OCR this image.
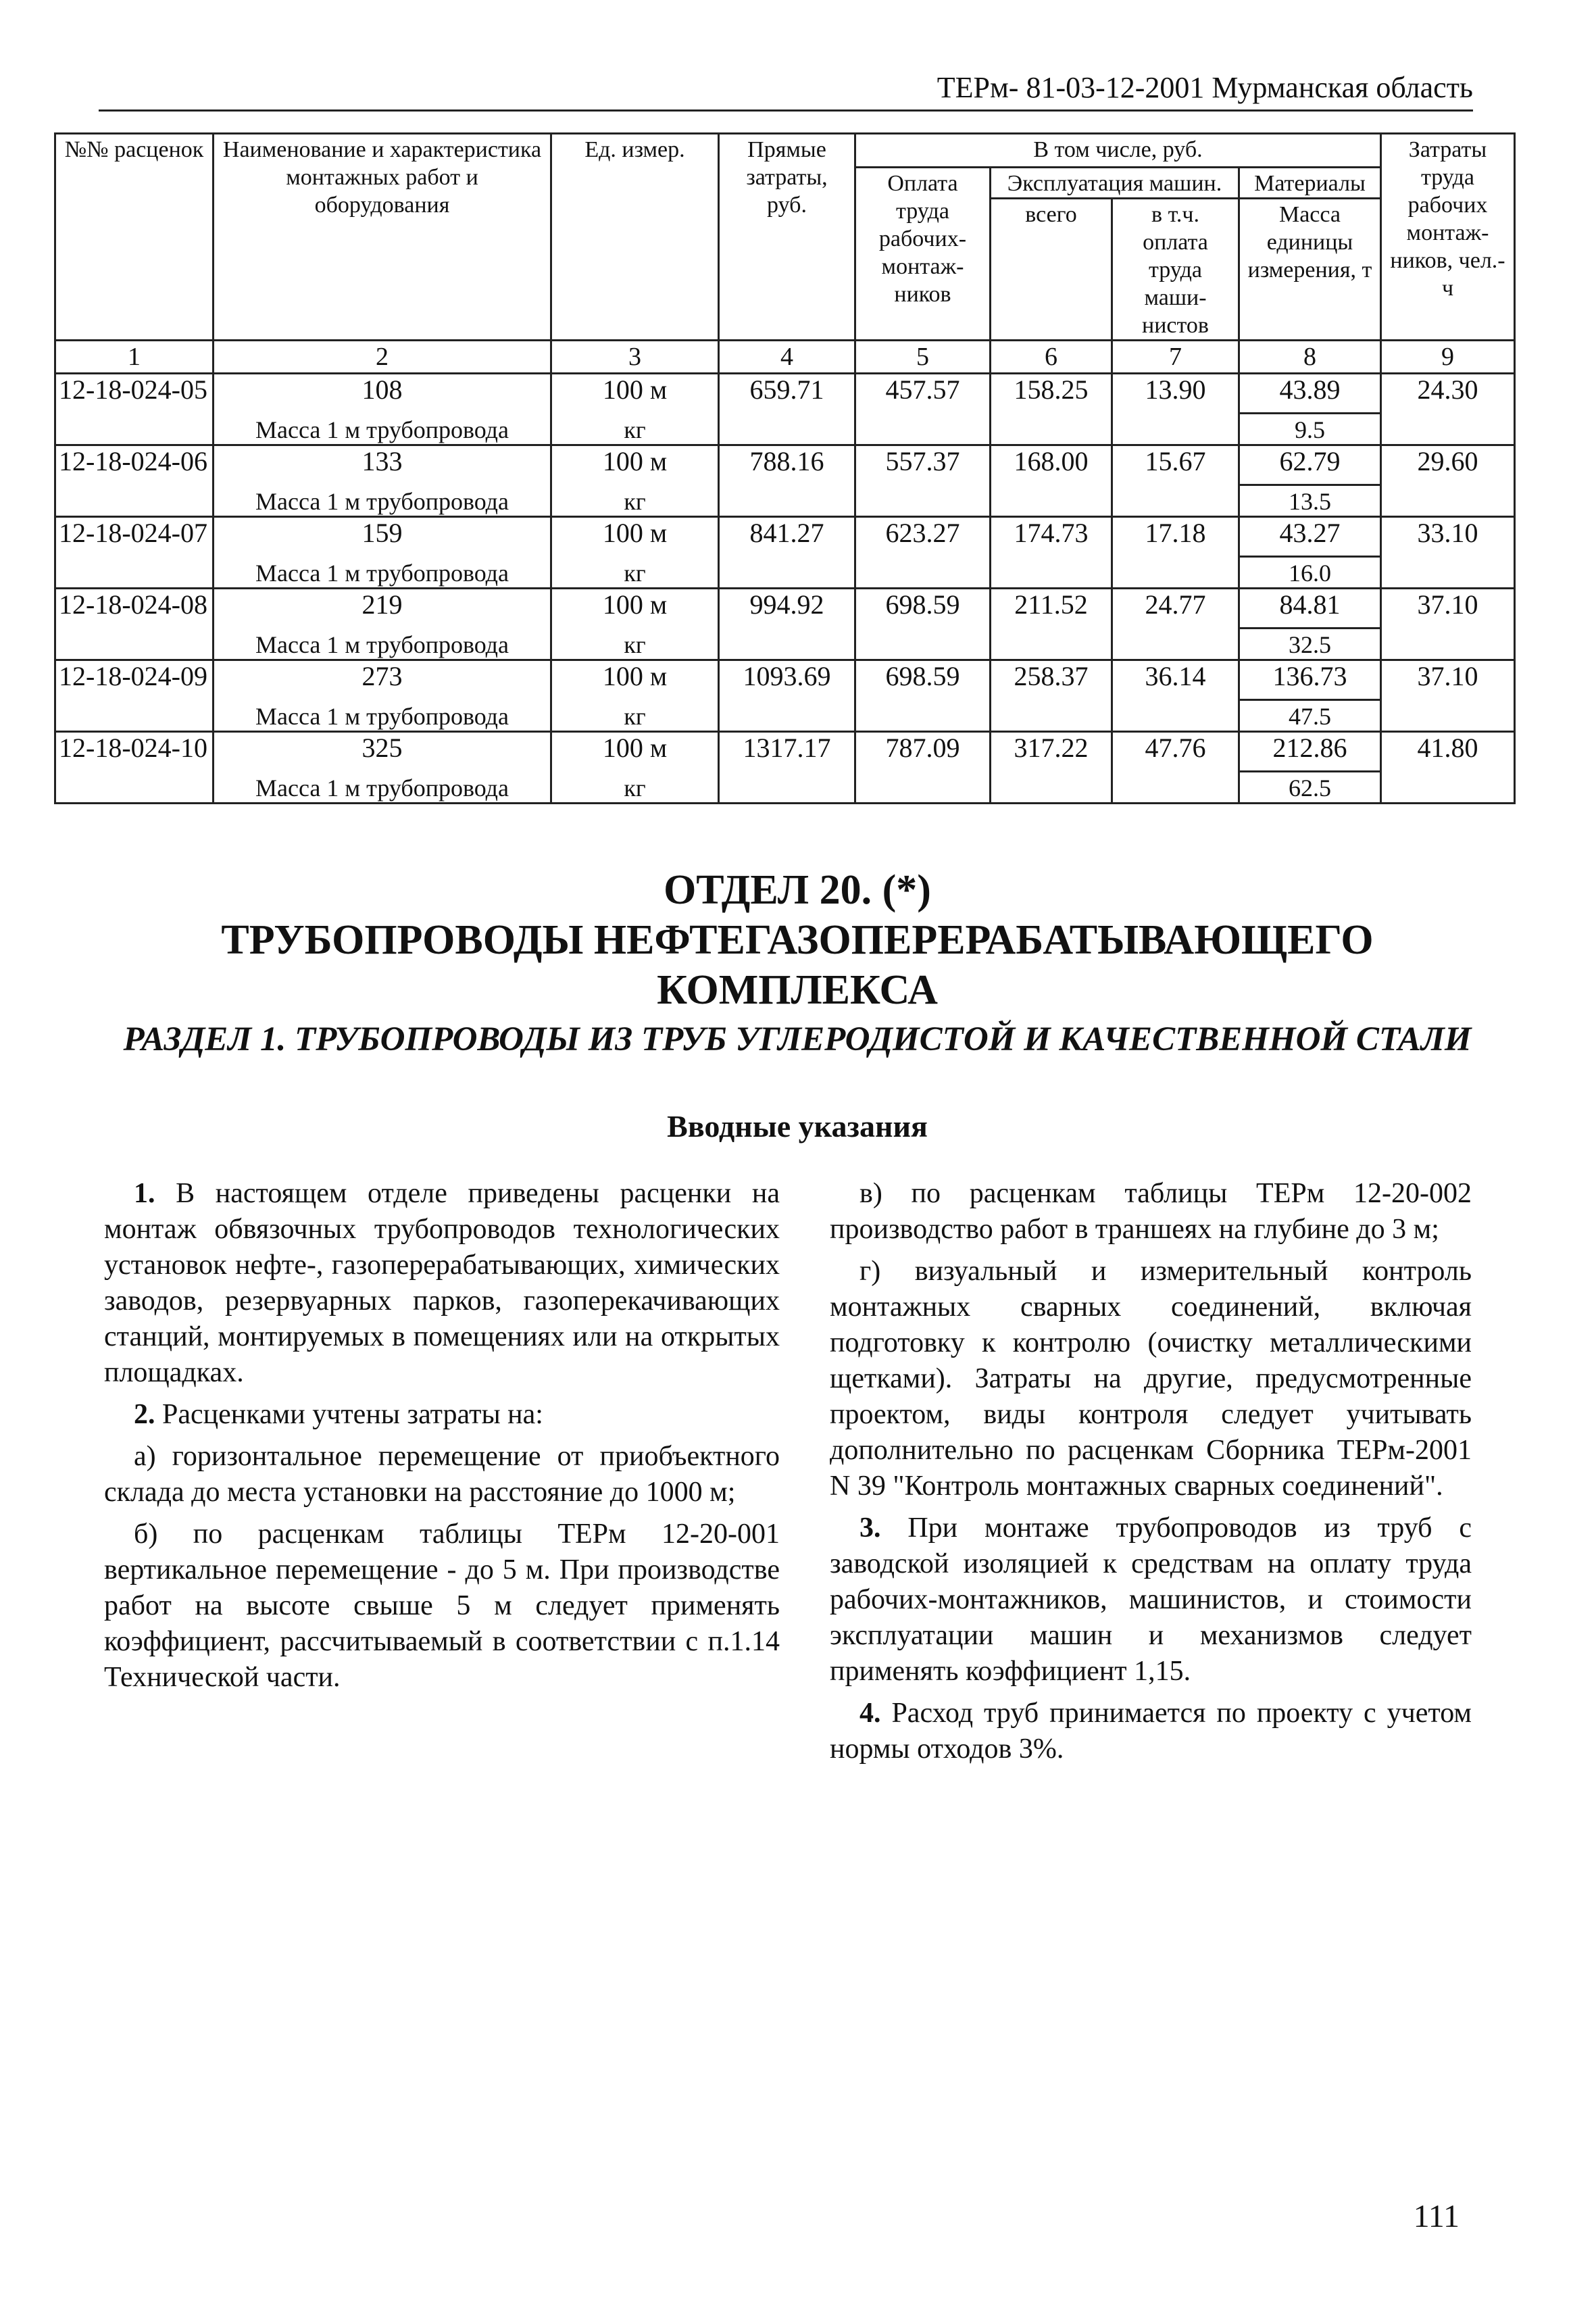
ТЕРм- 81-03-12-2001 Мурманская область
№№ расценок	Наименование и характеристика монтажных работ и оборудования	Ед. измер.	Прямые затраты, руб.	В том числе, руб.				Затраты труда рабочих монтаж-ников, чел.-ч
				Оплата труда рабочих-монтаж-ников	Эксплуатация машин.		Материалы	
					всего	в т.ч. оплата труда маши-нистов	Масса единицы измерения, т	
1	2	3	4	5	6	7	8	9
12-18-024-05	108	100 м	659.71	457.57	158.25	13.90	43.89	24.30
	Масса 1 м трубопровода	кг					9.5	
12-18-024-06	133	100 м	788.16	557.37	168.00	15.67	62.79	29.60
	Масса 1 м трубопровода	кг					13.5	
12-18-024-07	159	100 м	841.27	623.27	174.73	17.18	43.27	33.10
	Масса 1 м трубопровода	кг					16.0	
12-18-024-08	219	100 м	994.92	698.59	211.52	24.77	84.81	37.10
	Масса 1 м трубопровода	кг					32.5	
12-18-024-09	273	100 м	1093.69	698.59	258.37	36.14	136.73	37.10
	Масса 1 м трубопровода	кг					47.5	
12-18-024-10	325	100 м	1317.17	787.09	317.22	47.76	212.86	41.80
	Масса 1 м трубопровода	кг					62.5	
ОТДЕЛ 20. (*)
ТРУБОПРОВОДЫ НЕФТЕГАЗОПЕРЕРАБАТЫВАЮЩЕГО
КОМПЛЕКСА
РАЗДЕЛ 1. ТРУБОПРОВОДЫ ИЗ ТРУБ УГЛЕРОДИСТОЙ И КАЧЕСТВЕННОЙ СТАЛИ
Вводные указания

1. В настоящем отделе приведены расценки на монтаж обвязочных трубопроводов технологических установок нефте-, газоперерабатывающих, химических заводов, резервуарных парков, газоперекачивающих станций, монтируемых в помещениях или на открытых площадках.

2. Расценками учтены затраты на:

а) горизонтальное перемещение от приобъектного склада до места установки на расстояние до 1000 м;

б) по расценкам таблицы ТЕРм 12-20-001 вертикальное перемещение - до 5 м. При производстве работ на высоте свыше 5 м следует применять коэффициент, рассчитываемый в соответствии с п.1.14 Технической части.

в) по расценкам таблицы ТЕРм 12-20-002 производство работ в траншеях на глубине до 3 м;

г) визуальный и измерительный контроль монтажных сварных соединений, включая подготовку к контролю (очистку металлическими щетками). Затраты на другие, предусмотренные проектом, виды контроля следует учитывать дополнительно по расценкам Сборника ТЕРм-2001 N 39 "Контроль монтажных сварных соединений".

3. При монтаже трубопроводов из труб с заводской изоляцией к средствам на оплату труда рабочих-монтажников, машинистов, и стоимости эксплуатации машин и механизмов следует применять коэффициент 1,15.

4. Расход труб принимается по проекту с учетом нормы отходов 3%.

111
